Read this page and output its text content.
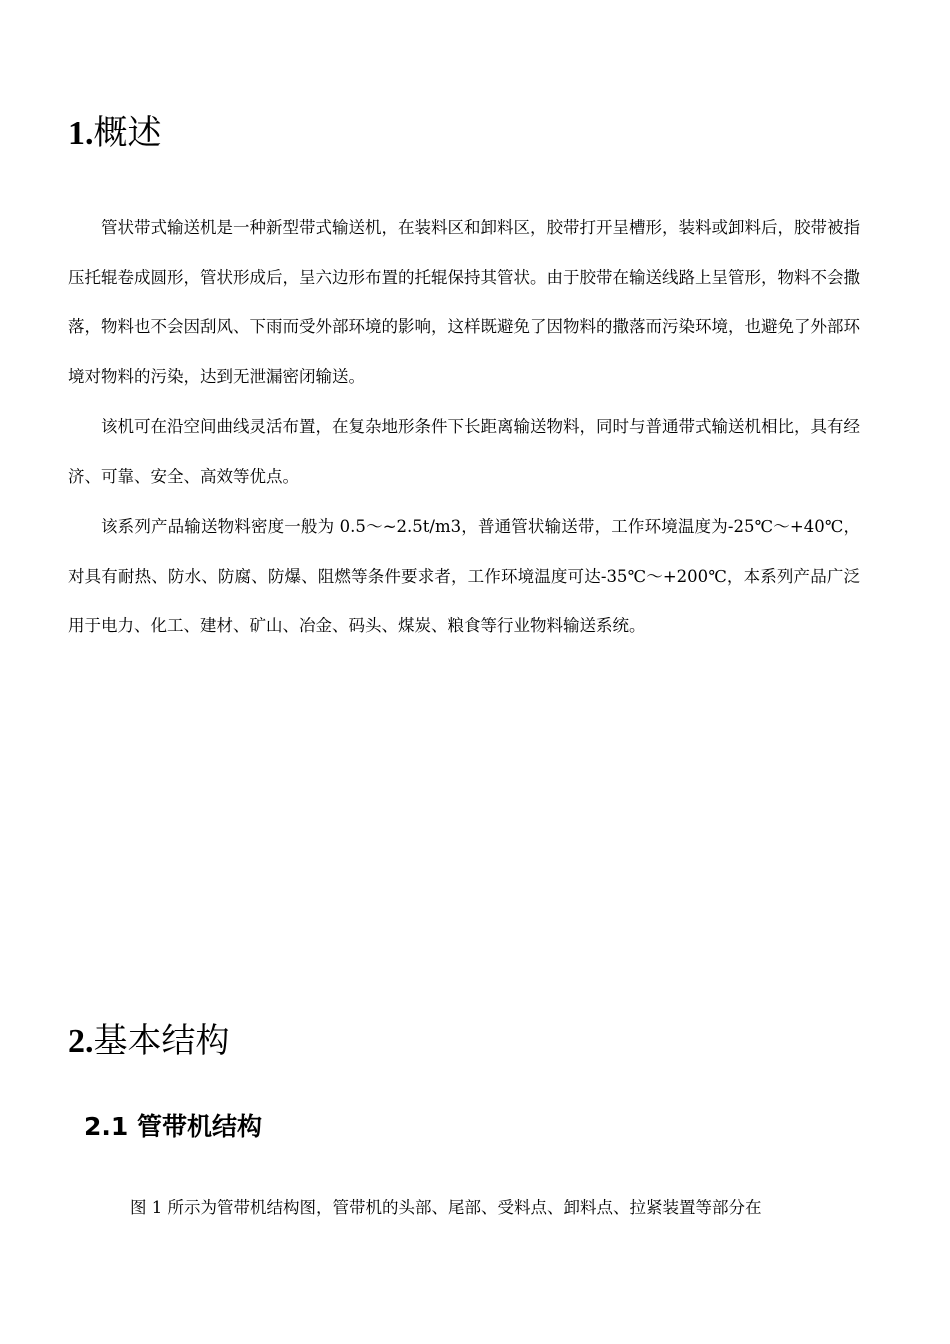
1.概述

管状带式输送机是一种新型带式输送机，在装料区和卸料区，胶带打开呈槽形，装料或卸料后，胶带被指压托辊卷成圆形，管状形成后，呈六边形布置的托辊保持其管状。由于胶带在输送线路上呈管形，物料不会撒落，物料也不会因刮风、下雨而受外部环境的影响，这样既避免了因物料的撒落而污染环境，也避免了外部环境对物料的污染，达到无泄漏密闭输送。

该机可在沿空间曲线灵活布置，在复杂地形条件下长距离输送物料，同时与普通带式输送机相比，具有经济、可靠、安全、高效等优点。

该系列产品输送物料密度一般为 0.5～~2.5t/m3，普通管状输送带，工作环境温度为-25℃～+40℃，对具有耐热、防水、防腐、防爆、阻燃等条件要求者，工作环境温度可达-35℃～+200℃，本系列产品广泛用于电力、化工、建材、矿山、冶金、码头、煤炭、粮食等行业物料输送系统。

2.基本结构
2.1 管带机结构

图 1 所示为管带机结构图，管带机的头部、尾部、受料点、卸料点、拉紧装置等部分在
